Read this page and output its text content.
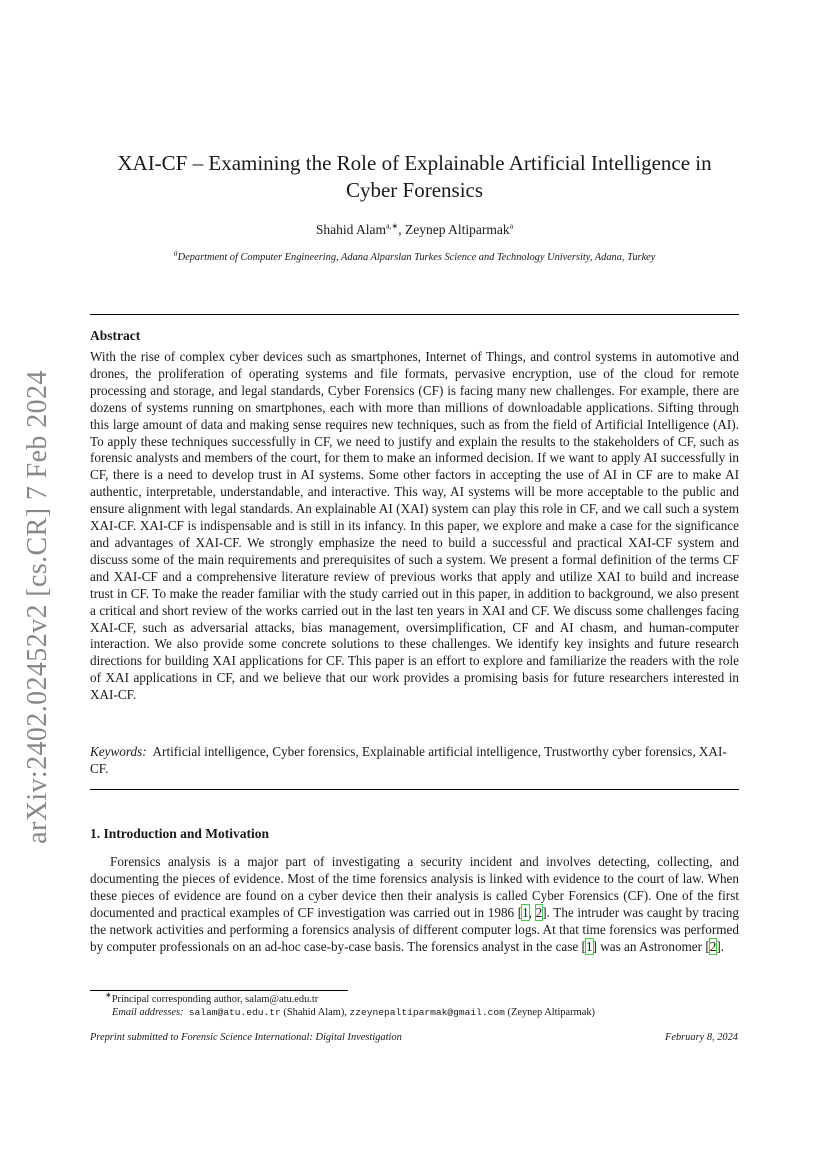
arXiv:2402.02452v2 [cs.CR] 7 Feb 2024
XAI-CF – Examining the Role of Explainable Artificial Intelligence in Cyber Forensics
Shahid Alam$^{a,∗}$, Zeynep Altiparmak$^a$
$^a$Department of Computer Engineering, Adana Alparslan Turkes Science and Technology University, Adana, Turkey
Abstract
With the rise of complex cyber devices such as smartphones, Internet of Things, and control systems in automotive and drones, the proliferation of operating systems and file formats, pervasive encryption, use of the cloud for remote processing and storage, and legal standards, Cyber Forensics (CF) is facing many new challenges. For example, there are dozens of systems running on smartphones, each with more than millions of downloadable applications. Sifting through this large amount of data and making sense requires new techniques, such as from the field of Artificial Intelligence (AI). To apply these techniques successfully in CF, we need to justify and explain the results to the stakeholders of CF, such as forensic analysts and members of the court, for them to make an informed decision. If we want to apply AI successfully in CF, there is a need to develop trust in AI systems. Some other factors in accepting the use of AI in CF are to make AI authentic, interpretable, understandable, and interactive. This way, AI systems will be more acceptable to the public and ensure alignment with legal standards. An explainable AI (XAI) system can play this role in CF, and we call such a system XAI-CF. XAI-CF is indispensable and is still in its infancy. In this paper, we explore and make a case for the significance and advantages of XAI-CF. We strongly emphasize the need to build a successful and practical XAI-CF system and discuss some of the main requirements and prerequisites of such a system. We present a formal definition of the terms CF and XAI-CF and a comprehensive literature review of previous works that apply and utilize XAI to build and increase trust in CF. To make the reader familiar with the study carried out in this paper, in addition to background, we also present a critical and short review of the works carried out in the last ten years in XAI and CF. We discuss some challenges facing XAI-CF, such as adversarial attacks, bias management, oversimplification, CF and AI chasm, and human-computer interaction. We also provide some concrete solutions to these challenges. We identify key insights and future research directions for building XAI applications for CF. This paper is an effort to explore and familiarize the readers with the role of XAI applications in CF, and we believe that our work provides a promising basis for future researchers interested in XAI-CF.
Keywords: Artificial intelligence, Cyber forensics, Explainable artificial intelligence, Trustworthy cyber forensics, XAI-CF.
1. Introduction and Motivation
Forensics analysis is a major part of investigating a security incident and involves detecting, collecting, and documenting the pieces of evidence. Most of the time forensics analysis is linked with evidence to the court of law. When these pieces of evidence are found on a cyber device then their analysis is called Cyber Forensics (CF). One of the first documented and practical examples of CF investigation was carried out in 1986 [1, 2]. The intruder was caught by tracing the network activities and performing a forensics analysis of different computer logs. At that time forensics was performed by computer professionals on an ad-hoc case-by-case basis. The forensics analyst in the case [1] was an Astronomer [2].
∗Principal corresponding author, salam@atu.edu.tr
Email addresses: salam@atu.edu.tr (Shahid Alam), zzeynepaltiparmak@gmail.com (Zeynep Altiparmak)
Preprint submitted to Forensic Science International: Digital Investigation	February 8, 2024
